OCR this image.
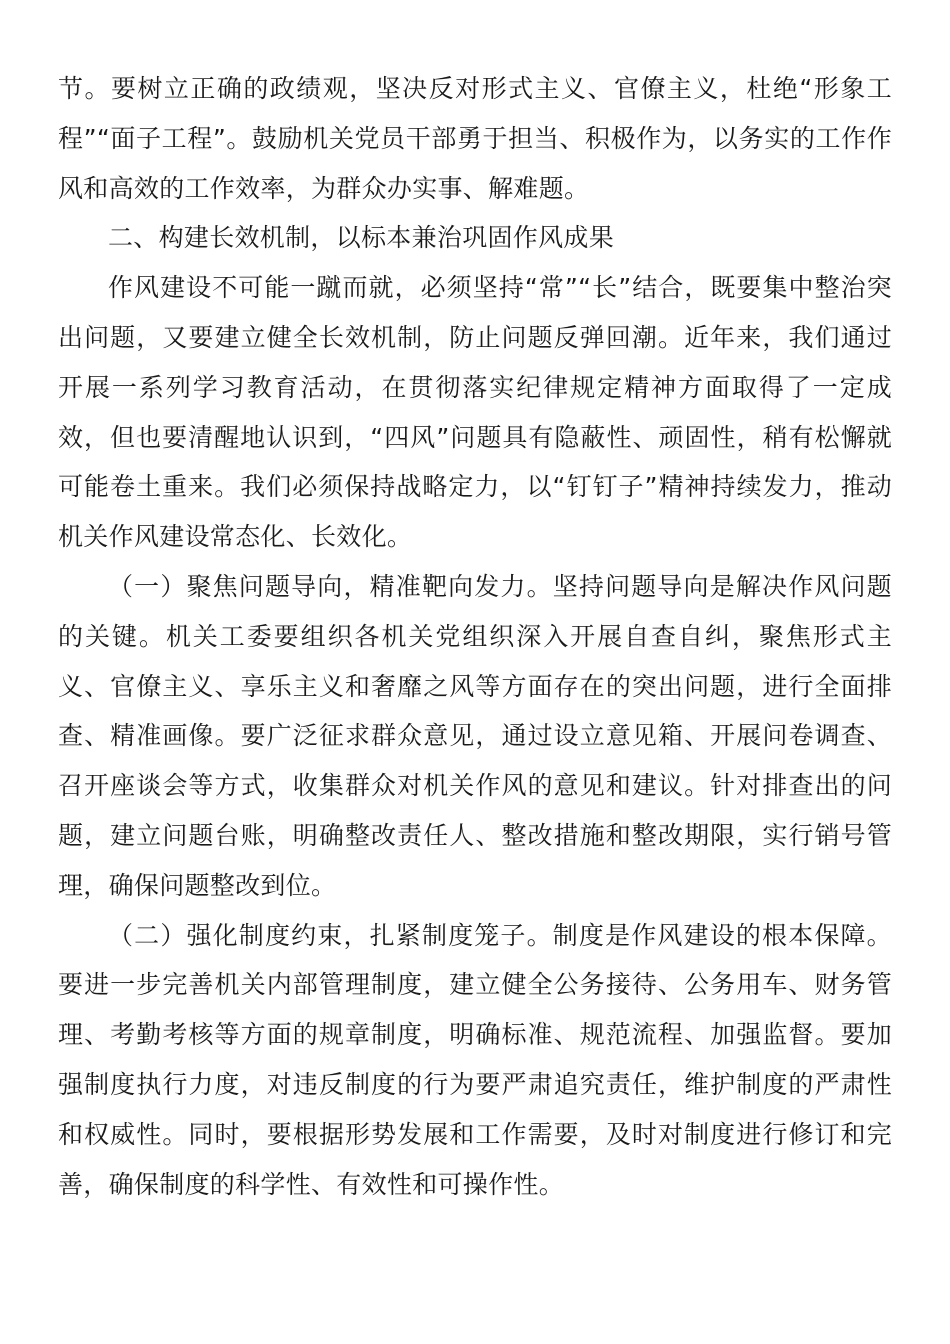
节。要树立正确的政绩观，坚决反对形式主义、官僚主义，杜绝“形象工程”“面子工程”。鼓励机关党员干部勇于担当、积极作为，以务实的工作作风和高效的工作效率，为群众办实事、解难题。

二、构建长效机制，以标本兼治巩固作风成果

作风建设不可能一蹴而就，必须坚持“常”“长”结合，既要集中整治突出问题，又要建立健全长效机制，防止问题反弹回潮。近年来，我们通过开展一系列学习教育活动，在贯彻落实纪律规定精神方面取得了一定成效，但也要清醒地认识到，“四风”问题具有隐蔽性、顽固性，稍有松懈就可能卷土重来。我们必须保持战略定力，以“钉钉子”精神持续发力，推动机关作风建设常态化、长效化。

（一）聚焦问题导向，精准靶向发力。坚持问题导向是解决作风问题的关键。机关工委要组织各机关党组织深入开展自查自纠，聚焦形式主义、官僚主义、享乐主义和奢靡之风等方面存在的突出问题，进行全面排查、精准画像。要广泛征求群众意见，通过设立意见箱、开展问卷调查、召开座谈会等方式，收集群众对机关作风的意见和建议。针对排查出的问题，建立问题台账，明确整改责任人、整改措施和整改期限，实行销号管理，确保问题整改到位。

（二）强化制度约束，扎紧制度笼子。制度是作风建设的根本保障。要进一步完善机关内部管理制度，建立健全公务接待、公务用车、财务管理、考勤考核等方面的规章制度，明确标准、规范流程、加强监督。要加强制度执行力度，对违反制度的行为要严肃追究责任，维护制度的严肃性和权威性。同时，要根据形势发展和工作需要，及时对制度进行修订和完善，确保制度的科学性、有效性和可操作性。
